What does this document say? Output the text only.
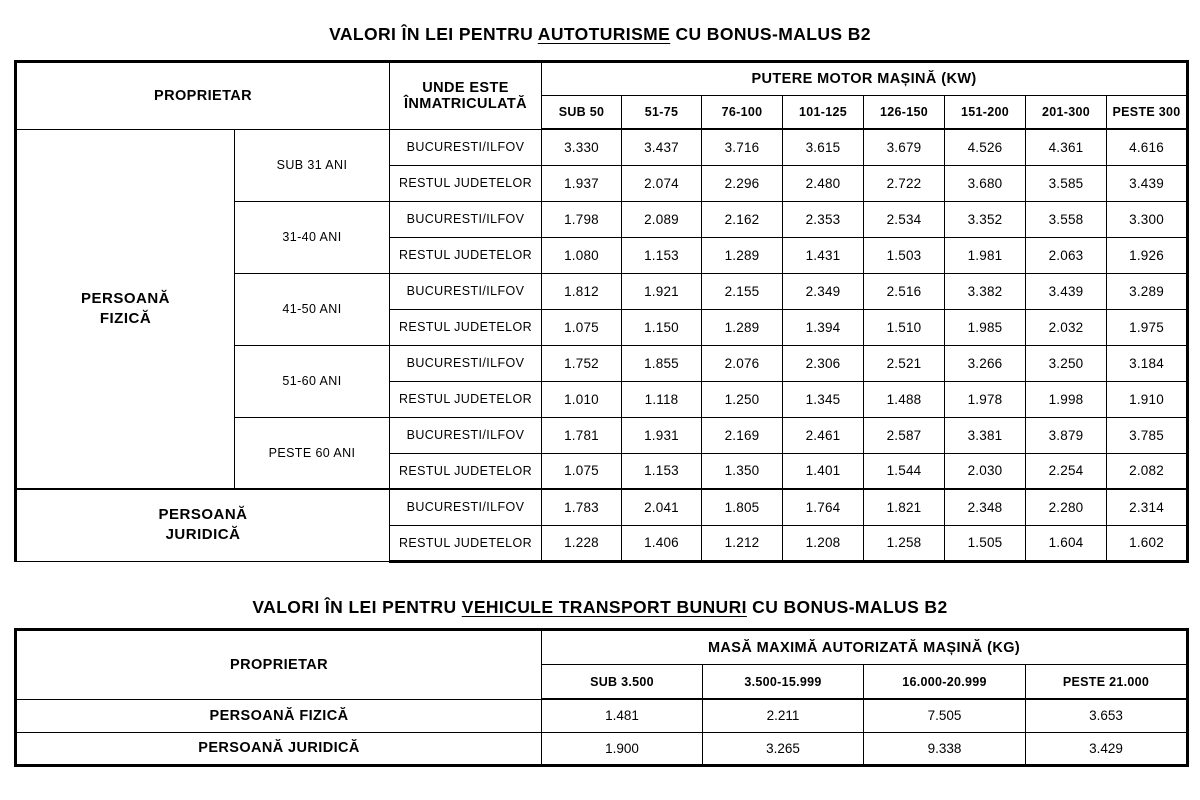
VALORI ÎN LEI PENTRU AUTOTURISME CU BONUS-MALUS B2
PROPRIETAR		UNDE ESTE
ÎNMATRICULATĂ	PUTERE MOTOR MAȘINĂ (KW)							
			SUB 50	51-75	76-100	101-125	126-150	151-200	201-300	PESTE 300

PERSOANĂ
FIZICĂ	SUB 31 ANI	BUCURESTI/ILFOV	3.330	3.437	3.716	3.615	3.679	4.526	4.361	4.616
		RESTUL JUDETELOR	1.937	2.074	2.296	2.480	2.722	3.680	3.585	3.439
	31-40 ANI	BUCURESTI/ILFOV	1.798	2.089	2.162	2.353	2.534	3.352	3.558	3.300
		RESTUL JUDETELOR	1.080	1.153	1.289	1.431	1.503	1.981	2.063	1.926
	41-50 ANI	BUCURESTI/ILFOV	1.812	1.921	2.155	2.349	2.516	3.382	3.439	3.289
		RESTUL JUDETELOR	1.075	1.150	1.289	1.394	1.510	1.985	2.032	1.975
	51-60 ANI	BUCURESTI/ILFOV	1.752	1.855	2.076	2.306	2.521	3.266	3.250	3.184
		RESTUL JUDETELOR	1.010	1.118	1.250	1.345	1.488	1.978	1.998	1.910
	PESTE 60 ANI	BUCURESTI/ILFOV	1.781	1.931	2.169	2.461	2.587	3.381	3.879	3.785
		RESTUL JUDETELOR	1.075	1.153	1.350	1.401	1.544	2.030	2.254	2.082

PERSOANĂ
JURIDICĂ		BUCURESTI/ILFOV	1.783	2.041	1.805	1.764	1.821	2.348	2.280	2.314
		RESTUL JUDETELOR	1.228	1.406	1.212	1.208	1.258	1.505	1.604	1.602
VALORI ÎN LEI PENTRU VEHICULE TRANSPORT BUNURI CU BONUS-MALUS B2
PROPRIETAR	MASĂ MAXIMĂ AUTORIZATĂ MAȘINĂ (KG)			
	SUB 3.500	3.500-15.999	16.000-20.999	PESTE 21.000
PERSOANĂ FIZICĂ	1.481	2.211	7.505	3.653
PERSOANĂ JURIDICĂ	1.900	3.265	9.338	3.429
